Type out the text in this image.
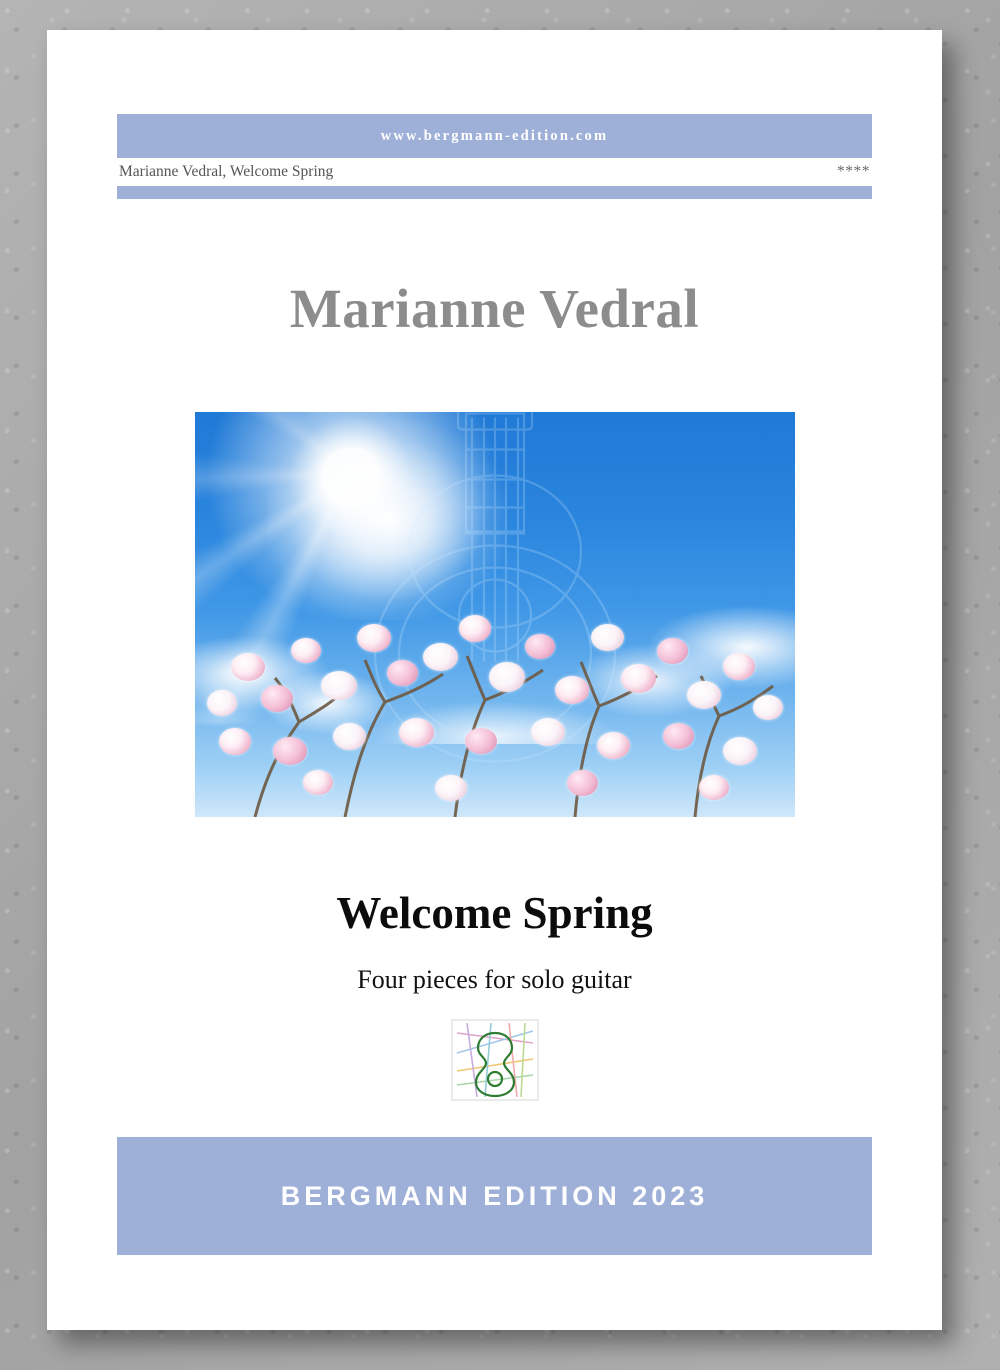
www.bergmann-edition.com
Marianne Vedral, Welcome Spring	****
Marianne Vedral
Welcome Spring
Four pieces for solo guitar
BERGMANN EDITION 2023
